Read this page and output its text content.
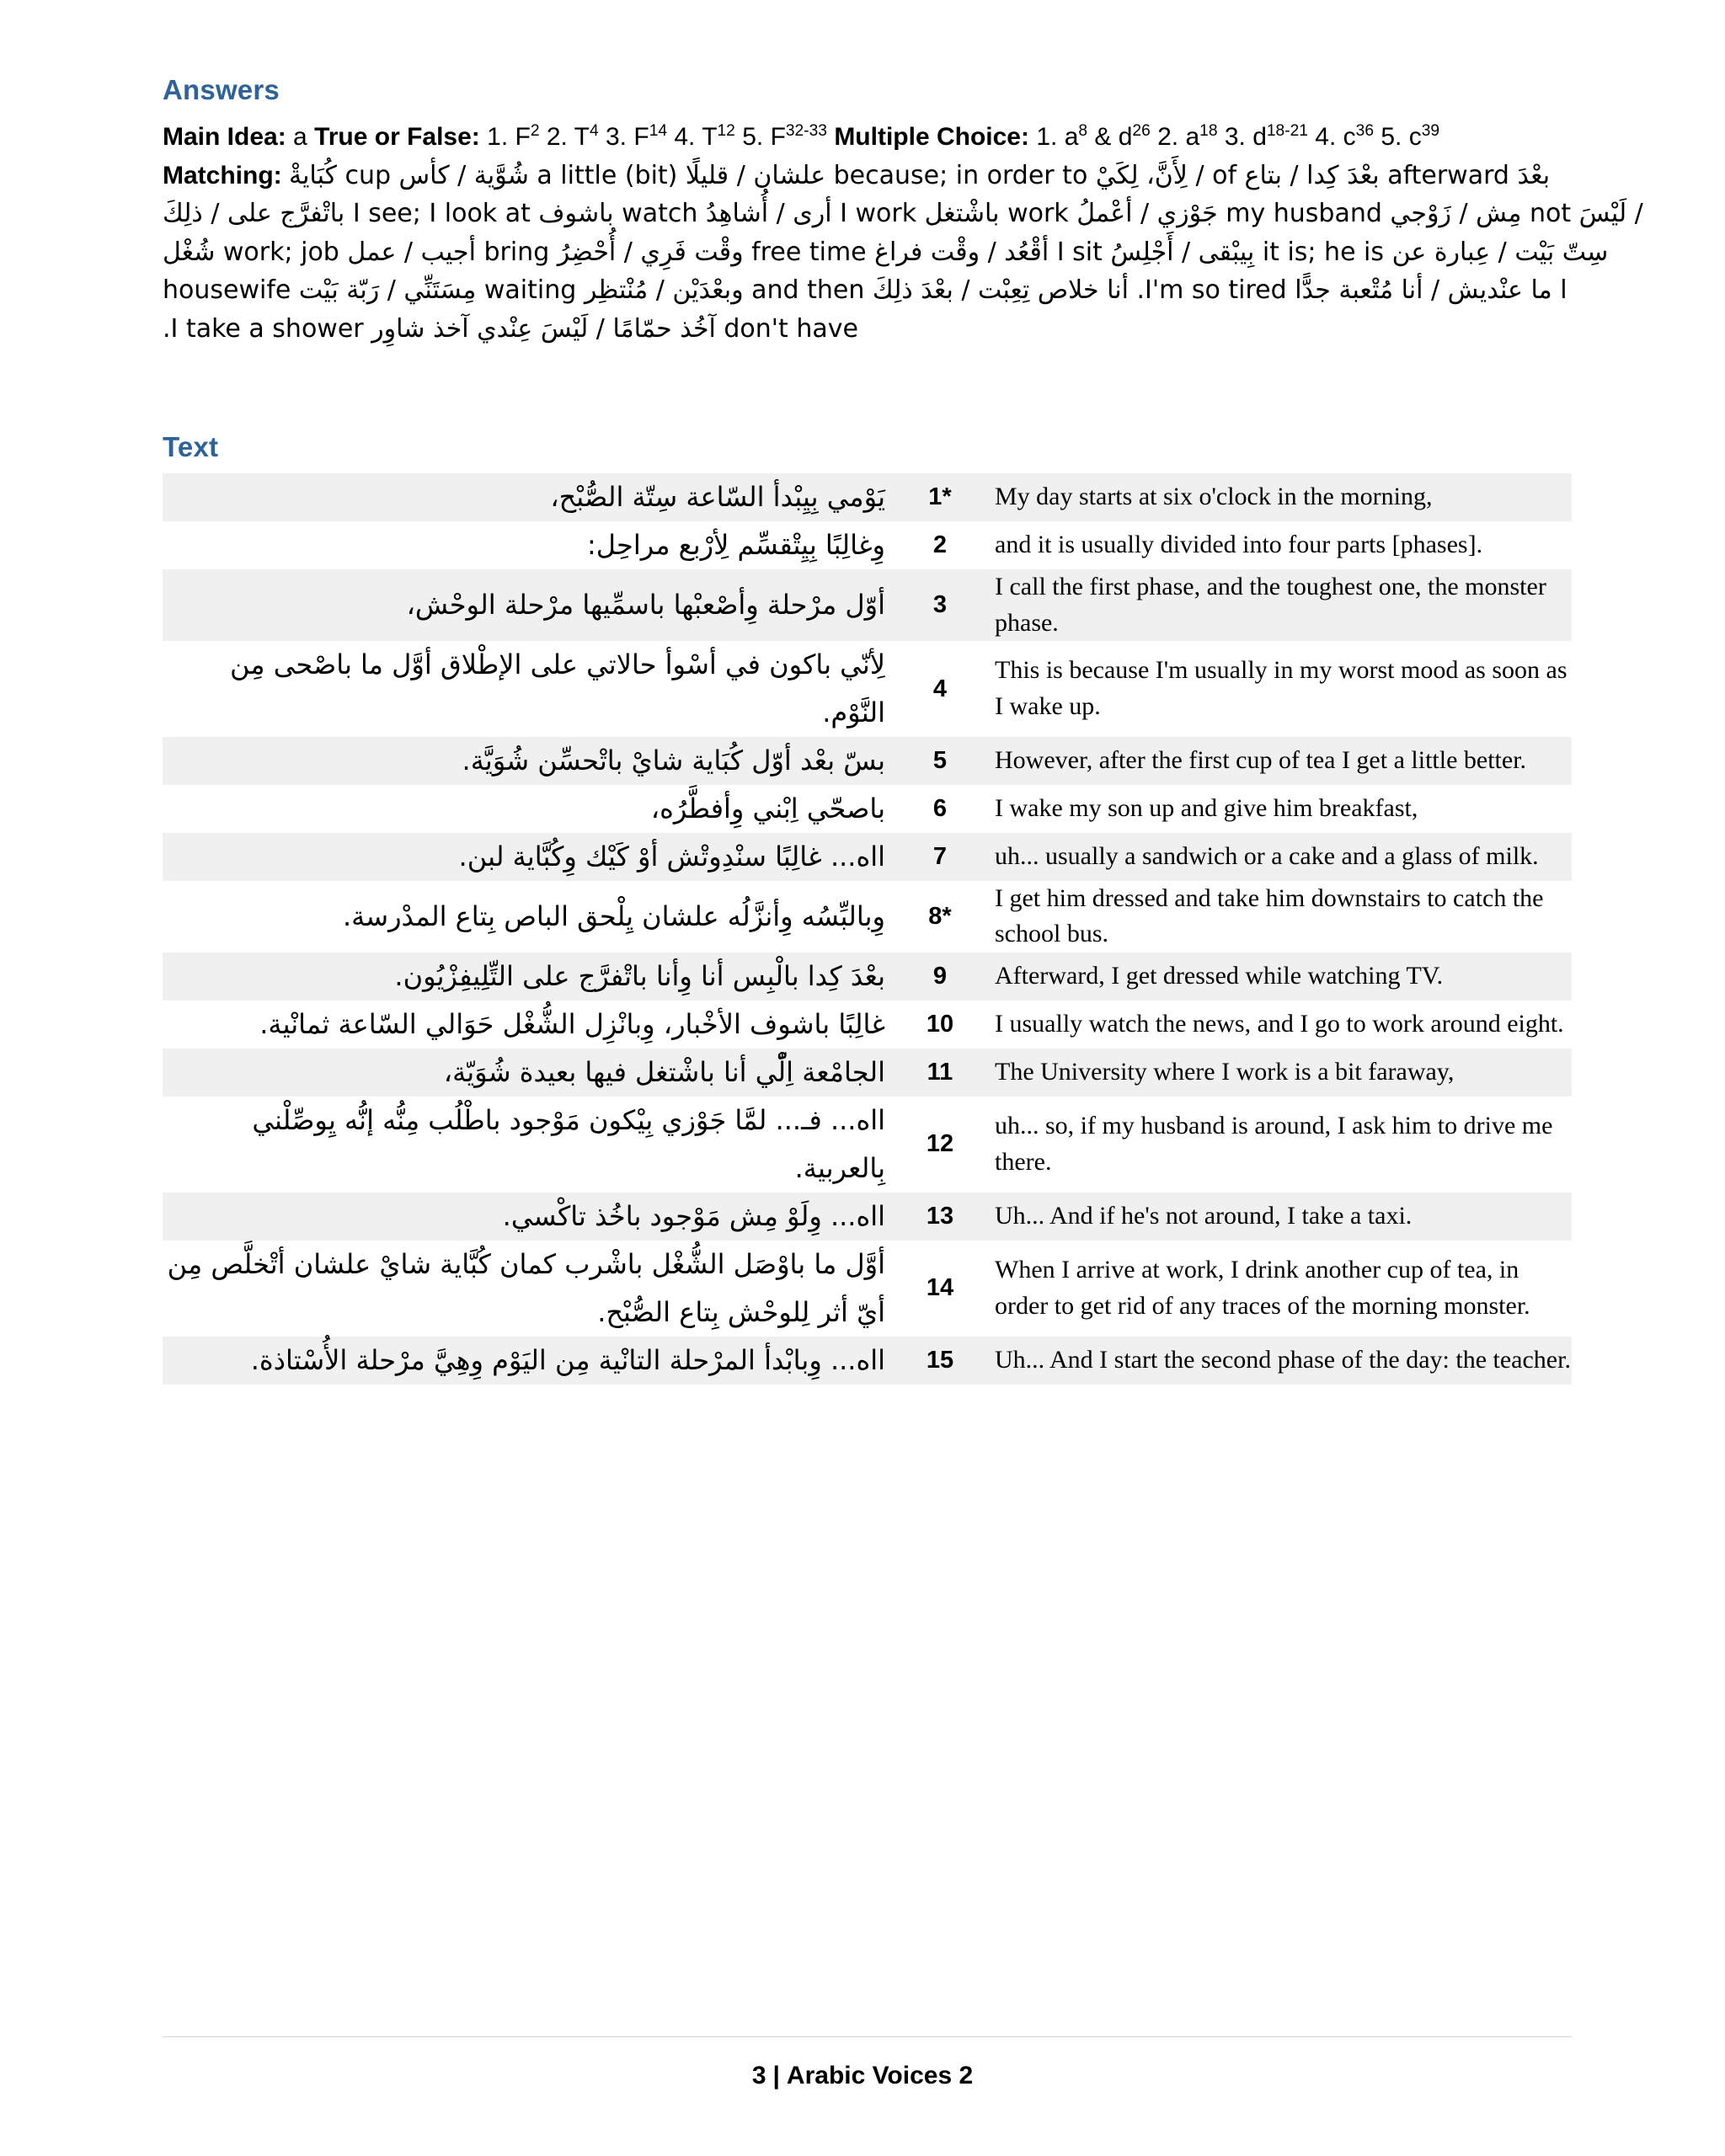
Answers
Main Idea: a True or False: 1. $F^2$ 2. $T^4$ 3. $F^{14}$ 4. $T^{12}$ 5. $F^{32-33}$ Multiple Choice: 1. $a^8$ & $d^{26}$ 2. $a^{18}$ 3. $d^{18-21}$ 4. $c^{36}$ 5. $c^{39}$
Matching: بعْدَ afterward بعْدَ كِدا / بتاع of / لِأَنَّ، لِكَيْ because; in order to علشان / قليلًا a little (bit) شُوَّية / كأس cup كُبَايةْ
/ لَيْسَ not مِش / زَوْجي my husband جَوْزي / أعْملُ work باشْتغل I work أرى / أُشاهِدُ watch باشوف I see; I look at باتْفرَّج على / ذلِكَ
سِتّ بَيْت / عِبارة عن it is; he is بِيبْقى / أَجْلِسُ I sit أقْعُد / وقْت فراغ free time وقْت فَرِي / أُحْضِرُ bring أجيب / عمل work; job شُغْل
ا ما عنْديش / أنا مُتْعبة جدًّا I'm so tired. أنا خلاص تِعِبْت / بعْدَ ذلِكَ and then وبعْدَيْن / مُنْتظِر waiting مِسَتَنِّي / رَبّة بَيْت housewife
don't have آخُذ حمّامًا / لَيْسَ عِنْدي آخذ شاوِر I take a shower.
Text
يَوْمي بِيِبْدأ السّاعة سِتّة الصُّبْح،	1*	My day starts at six o'clock in the morning,
وِغالِبًا بِيِتْقسِّم لِأرْبع مراحِل:	2	and it is usually divided into four parts [phases].
أوّل مرْحلة وِأصْعبْها باسمِّيها مرْحلة الوحْش،	3	I call the first phase, and the toughest one, the monster phase.
لِأنّي باكون في أسْوأ حالاتي على الإطْلاق أوَّل ما باصْحى مِن النَّوْم.	4	This is because I'm usually in my worst mood as soon as I wake up.
بسّ بعْد أوّل كُبَاية شايْ باتْحسِّن شُوَيَّة.	5	However, after the first cup of tea I get a little better.
باصحّي اِبْني وِأفطَّرُه،	6	I wake my son up and give him breakfast,
ااه... غالِبًا سنْدِوتْش أوْ كَيْك وِكُبَّاية لبن.	7	uh... usually a sandwich or a cake and a glass of milk.
وِبالبِّسُه وِأنزَّلُه علشان يِلْحق الباص بِتاع المدْرسة.	8*	I get him dressed and take him downstairs to catch the school bus.
بعْدَ كِدا بالْبِس أنا وِأنا باتْفرَّج على التِّلِيفِزْيُون.	9	Afterward, I get dressed while watching TV.
غالِبًا باشوف الأخْبار، وِبانْزِل الشُّغْل حَوَالي السّاعة ثمانْية.	10	I usually watch the news, and I go to work around eight.
الجامْعة اِلّْي أنا باشْتغل فيها بعيدة شُوَيّة،	11	The University where I work is a bit faraway,
ااه... فـ... لمَّا جَوْزي بِيْكون مَوْجود باطْلُب مِنُّه إنُّه يِوصِّلْني بِالعربية.	12	uh... so, if my husband is around, I ask him to drive me there.
ااه... وِلَوْ مِش مَوْجود باخُذ تاكْسي.	13	Uh... And if he's not around, I take a taxi.
أوَّل ما باوْصَل الشُّغْل باشْرب كمان كُبَّاية شايْ علشان أتْخلَّص مِن أيّ أثر لِلوحْش بِتاع الصُّبْح.	14	When I arrive at work, I drink another cup of tea, in order to get rid of any traces of the morning monster.
ااه... وِبابْدأ المرْحلة التانْية مِن اليَوْم وِهِيَّ مرْحلة الأُسْتاذة.	15	Uh... And I start the second phase of the day: the teacher.
3 | Arabic Voices 2
